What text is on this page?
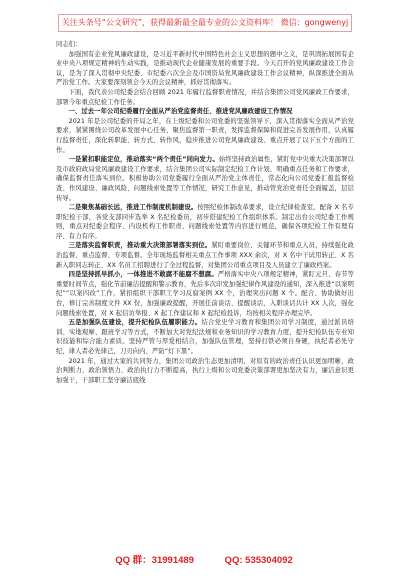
关注头条号“公文研究”，获得最新最全最专业的公文资料库！ 微信：gongwenyj

同志们：

加强国有企业党风廉政建设，是习近平新时代中国特色社会主义思想的题中之义，是巩固拓展国有企业中央八项规定精神的生动实践，是推动现代企业健康发展的重要手段。今天召开的党风廉政建设工作会议，是为了深入贯彻中央纪委、市纪委六次全会及市国资局党风廉政建设工作会议精神，纵深推进全面从严治党工作。大家要深刻领会今天的会议精神，抓好贯彻落实。

下面，我代表公司纪委会结合回顾 2021 年履行监督职责情况，并结合集团公司党风廉政工作要求，部署今年重点纪检工作任务。

一、过去一年公司纪委履行全面从严治党监督责任、推进党风廉政建设工作情况

2021 年是公司纪委的开局之年，在上级纪委和公司党委的坚强领导下，深入贯彻落实全面从严治党要求，紧紧围绕公司改革发展中心任务，聚焦监督第一职责，发挥监督保障和促进完善发展作用，认真履行监督责任，深化转职能、转方式、转作风，稳步推进公司党风廉政建设、重点开展了以下五个方面的工作。

一是紧扣职能定位，推动落实“两个责任”同向发力。始终坚持政治属性，紧盯党中央重大决策部署以及市政府政局党风廉政建设工作要求，结合集团公司实际制定纪检工作计划，明确重点任务和工作要求，确保监督责任落实到位。积极协助公司党委履行全面从严治党主体责任，常态化向公司党委汇报监督检查、作风建设、廉政风险、问题线索处置等工作情况，研究工作意见，推动管党治党责任全面履盖，层层传导。

二是聚焦基础长远，推进工作制度机制建设。按照纪检体制改革要求，设立纪律检查室，配备 X 名专职纪检干部，各党支部同步选举 X 名纪检委员，初步搭建纪检工作组织体系。制定出台公司纪委工作规则，重点对纪委会程序、内设机构工作职责、问题线索处置等内容进行规范，确保各项纪检工作有理有序、有力有序。

三是落实监督职责，推动重大决策部署落实到位。紧盯重要岗位、关键环节和重点人员，持续强化政治监督、重点监督、专项监督。全年现场监督相关重点工作事项 XXX 余次，对 X 名中干试用转正、X 名新入职同志转正、XX 名员工招聘进行了全过程监督，对集团公司重点项目及人员建立了廉政档案。

四是坚持抓早抓小，一体推进不敢腐不能腐不想腐。严格落实中央八项规定精神，紧盯元旦、春节等重要时间节点，强化节前廉洁提醒和警示教育，先后多次印发加强纪律作风建设的通知，深入推进“以案明纪”“以案四改”工作，紧扣组织干部职工学习反腐案例 XX 个，治理突出问题 X 个。配合、协助做好出台，修订完善制度文件 XX 份，加强廉政提醒，开展任前谈话、提醒谈话，入职谈话共计 XX 人次，强化问题线索处置，对 X 起信访举报、X 起工作建议和 X 起纪检投诉，均按相关程序办理完毕。

五是加强队伍建设，提升纪检队伍履职能力。结合党史学习教育和集团公司学习制度，通过派员培训、实地观摩、跟班学习等方式，不断加大对党纪法规和业务知识的学习教育力度，提升纪检队伍专业知识技能和综合能力素质。坚持严管与厚爱相结合，加强队伍管理，坚持打铁必须自身硬，执纪者必先守纪，律人者必先律己，刀刃向内、严防“灯下黑”。

2021 年，通过大家的共同努力，集团公司政治生态更加清明，对原有的政治责任认识更加明晰，政治判断力、政治领悟力、政治执行力不断提高，执行上级和公司党委决策部署更加坚决有力，廉洁意识更加强干，干部职工坚守廉洁底线

QQ 群：31991489	QQ: 535304092
